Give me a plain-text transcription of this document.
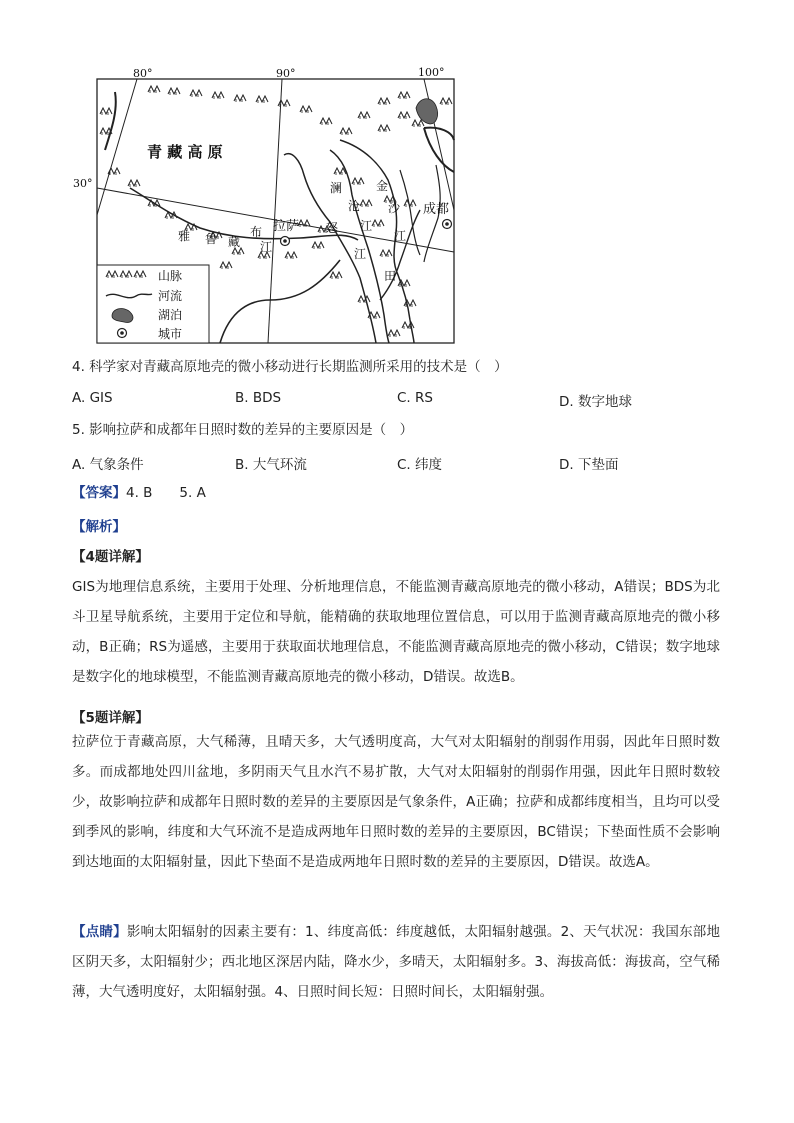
80°	90°	100°
30°
青 藏 高 原
雅 鲁 藏
布
江
澜
沧
江
金
沙
江
怒
江
田
拉萨
成都
山脉
河流
湖泊
城市
4. 科学家对青藏高原地壳的微小移动进行长期监测所采用的技术是（　）
A. GIS	B. BDS	C. RS	D. 数字地球
5. 影响拉萨和成都年日照时数的差异的主要原因是（　）
A. 气象条件	B. 大气环流	C. 纬度	D. 下垫面
【答案】4. B　　5. A
【解析】
【4题详解】
GIS为地理信息系统，主要用于处理、分析地理信息，不能监测青藏高原地壳的微小移动，A错误；BDS为北斗卫星导航系统，主要用于定位和导航，能精确的获取地理位置信息，可以用于监测青藏高原地壳的微小移动，B正确；RS为遥感，主要用于获取面状地理信息，不能监测青藏高原地壳的微小移动，C错误；数字地球是数字化的地球模型，不能监测青藏高原地壳的微小移动，D错误。故选B。
【5题详解】
拉萨位于青藏高原，大气稀薄，且晴天多，大气透明度高，大气对太阳辐射的削弱作用弱，因此年日照时数多。而成都地处四川盆地，多阴雨天气且水汽不易扩散，大气对太阳辐射的削弱作用强，因此年日照时数较少，故影响拉萨和成都年日照时数的差异的主要原因是气象条件，A正确；拉萨和成都纬度相当，且均可以受到季风的影响，纬度和大气环流不是造成两地年日照时数的差异的主要原因，BC错误；下垫面性质不会影响到达地面的太阳辐射量，因此下垫面不是造成两地年日照时数的差异的主要原因，D错误。故选A。
【点睛】影响太阳辐射的因素主要有：1、纬度高低：纬度越低，太阳辐射越强。2、天气状况：我国东部地区阴天多，太阳辐射少；西北地区深居内陆，降水少，多晴天，太阳辐射多。3、海拔高低：海拔高，空气稀薄，大气透明度好，太阳辐射强。4、日照时间长短：日照时间长，太阳辐射强。
